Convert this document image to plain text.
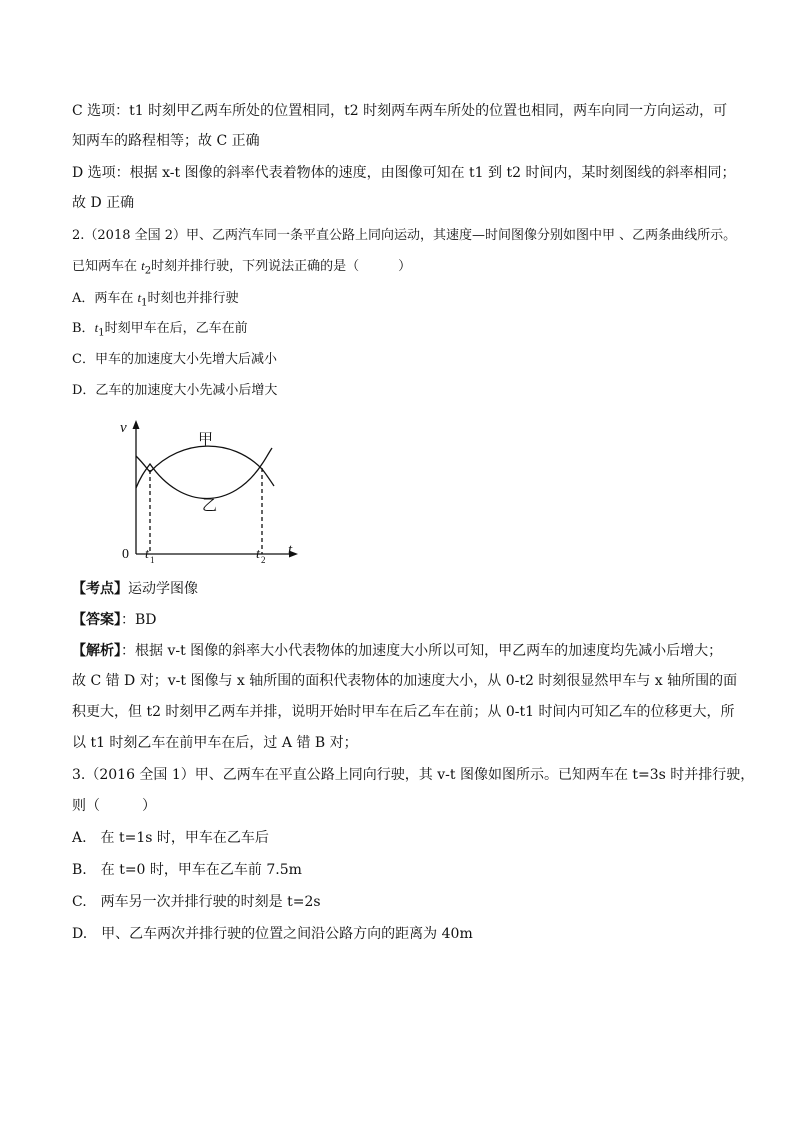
C 选项：t1 时刻甲乙两车所处的位置相同，t2 时刻两车两车所处的位置也相同，两车向同一方向运动，可
知两车的路程相等；故 C 正确
D 选项：根据 x-t 图像的斜率代表着物体的速度，由图像可知在 t1 到 t2 时间内，某时刻图线的斜率相同；
故 D 正确
2.（2018 全国 2）甲、乙两汽车同一条平直公路上同向运动，其速度—时间图像分别如图中甲 、乙两条曲线所示。
已知两车在 $t_2$时刻并排行驶，下列说法正确的是（　　　）
A．两车在 $t_1$时刻也并排行驶
B．$t_1$时刻甲车在后，乙车在前
C．甲车的加速度大小先增大后减小
D．乙车的加速度大小先减小后增大
v
t
0 t 1	t 2
甲
乙
【考点】运动学图像
【答案】：BD
【解析】：根据 v-t 图像的斜率大小代表物体的加速度大小所以可知，甲乙两车的加速度均先减小后增大；
故 C 错 D 对；v-t 图像与 x 轴所围的面积代表物体的加速度大小，从 0-t2 时刻很显然甲车与 x 轴所围的面
积更大，但 t2 时刻甲乙两车并排，说明开始时甲车在后乙车在前；从 0-t1 时间内可知乙车的位移更大，所
以 t1 时刻乙车在前甲车在后，过 A 错 B 对；
3.（2016 全国 1）甲、乙两车在平直公路上同向行驶，其 v-t 图像如图所示。已知两车在 t=3s 时并排行驶，
则（　　　）
A.　在 t=1s 时，甲车在乙车后
B.　在 t=0 时，甲车在乙车前 7.5m
C.　两车另一次并排行驶的时刻是 t=2s
D.　甲、乙车两次并排行驶的位置之间沿公路方向的距离为 40m
